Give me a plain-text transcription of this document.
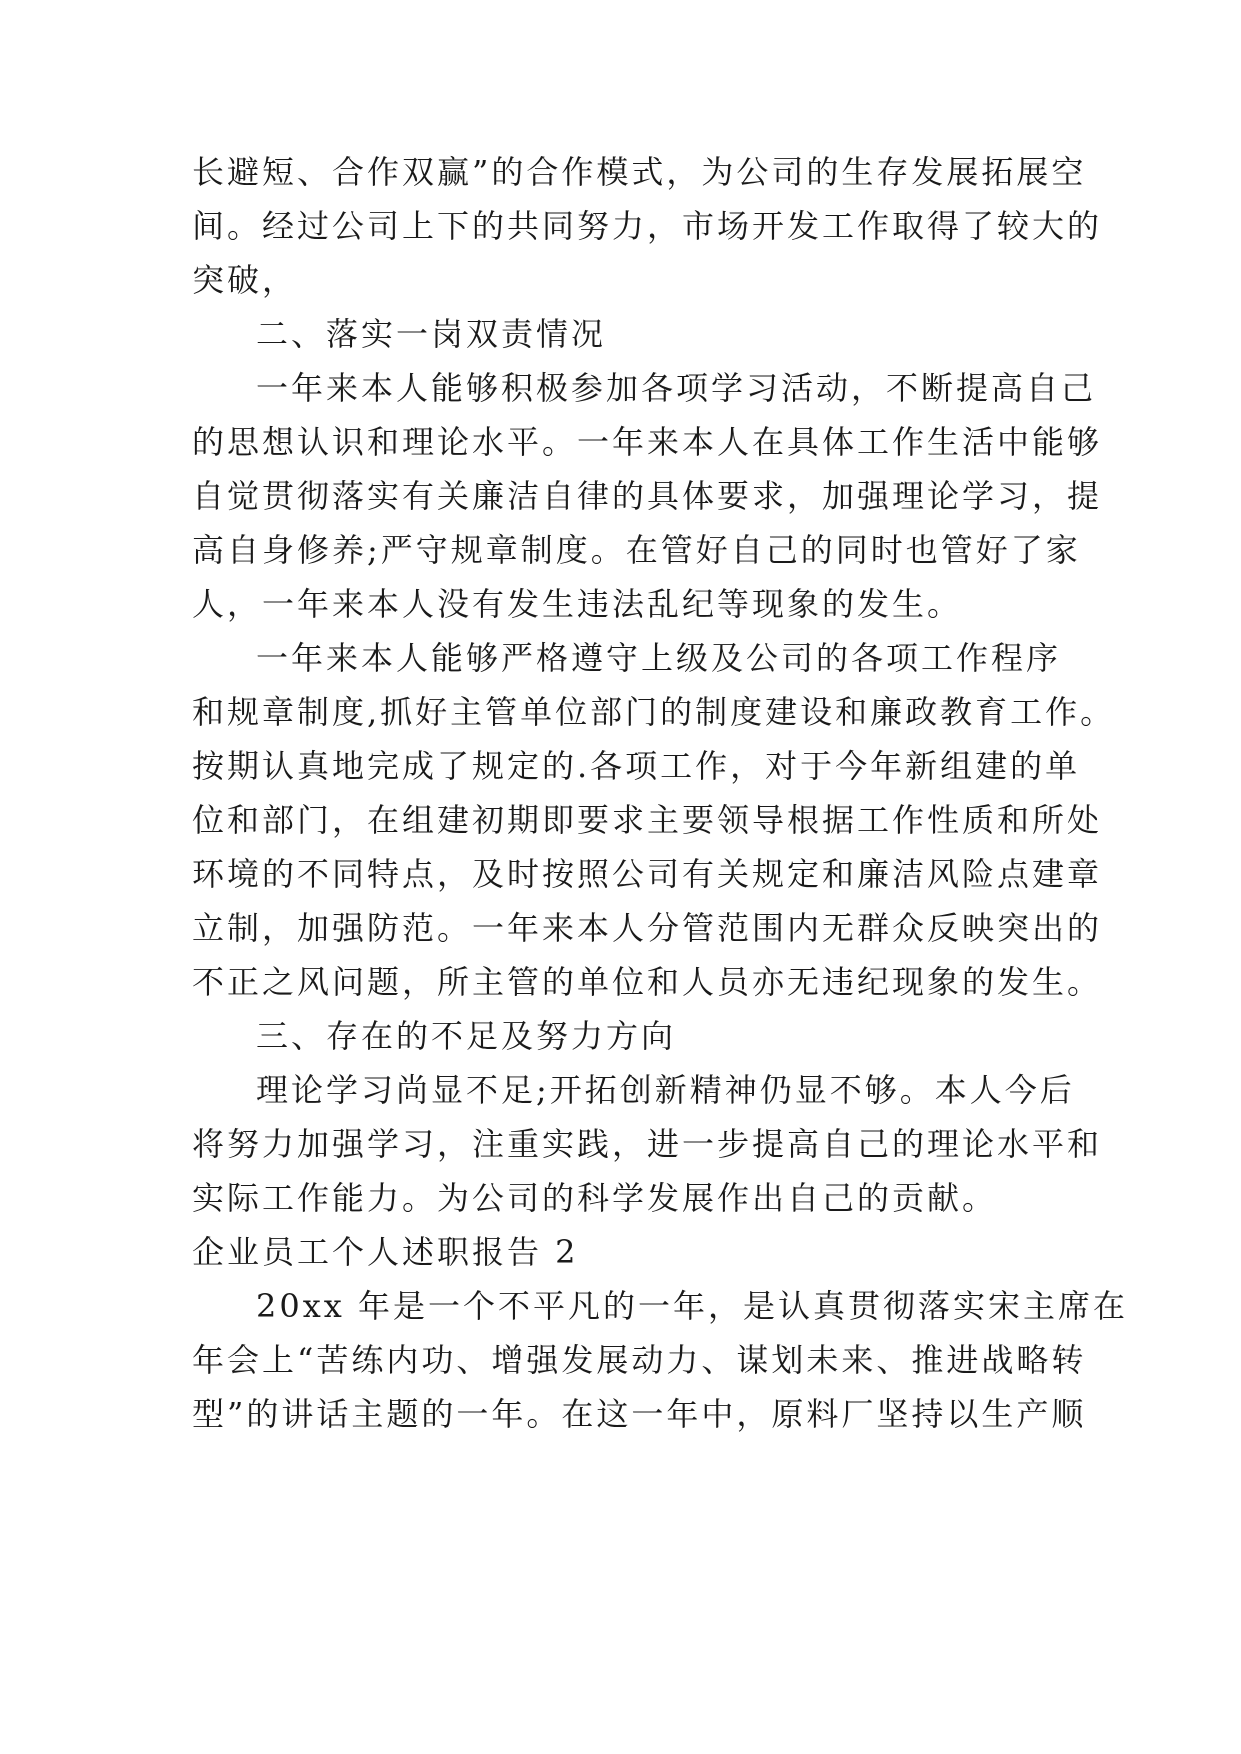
长避短、合作双赢”的合作模式，为公司的生存发展拓展空

间。经过公司上下的共同努力，市场开发工作取得了较大的

突破，

二、落实一岗双责情况

一年来本人能够积极参加各项学习活动，不断提高自己

的思想认识和理论水平。一年来本人在具体工作生活中能够

自觉贯彻落实有关廉洁自律的具体要求，加强理论学习，提

高自身修养;严守规章制度。在管好自己的同时也管好了家

人，一年来本人没有发生违法乱纪等现象的发生。

一年来本人能够严格遵守上级及公司的各项工作程序

和规章制度,抓好主管单位部门的制度建设和廉政教育工作。

按期认真地完成了规定的.各项工作，对于今年新组建的单

位和部门，在组建初期即要求主要领导根据工作性质和所处

环境的不同特点，及时按照公司有关规定和廉洁风险点建章

立制，加强防范。一年来本人分管范围内无群众反映突出的

不正之风问题，所主管的单位和人员亦无违纪现象的发生。

三、存在的不足及努力方向

理论学习尚显不足;开拓创新精神仍显不够。本人今后

将努力加强学习，注重实践，进一步提高自己的理论水平和

实际工作能力。为公司的科学发展作出自己的贡献。

企业员工个人述职报告 2

20xx 年是一个不平凡的一年，是认真贯彻落实宋主席在

年会上“苦练内功、增强发展动力、谋划未来、推进战略转

型”的讲话主题的一年。在这一年中，原料厂坚持以生产顺
